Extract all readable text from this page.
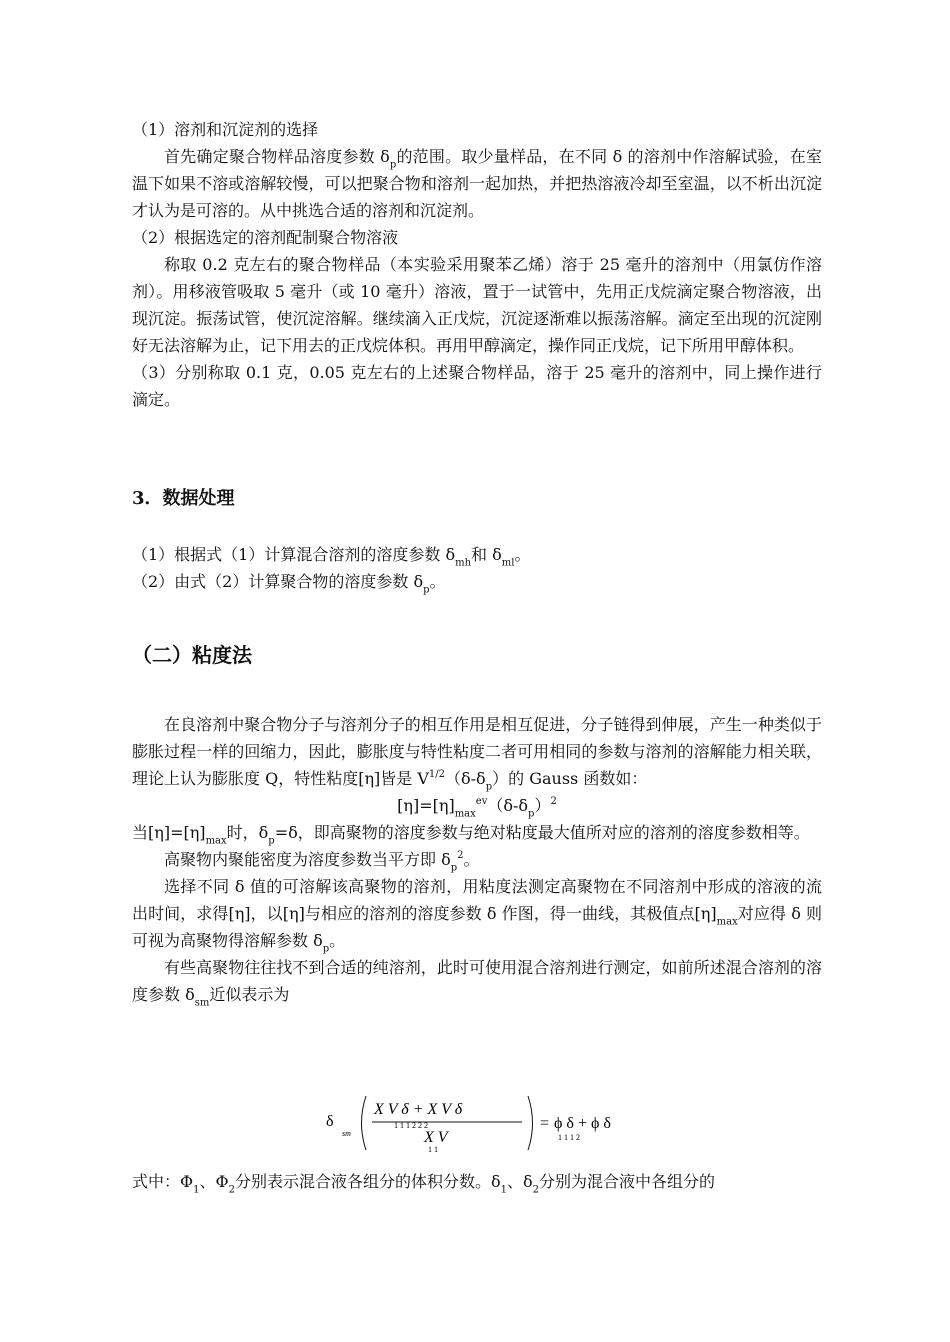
（1）溶剂和沉淀剂的选择

首先确定聚合物样品溶度参数 $\delta_p$的范围。取少量样品，在不同 δ 的溶剂中作溶解试验，在室温下如果不溶或溶解较慢，可以把聚合物和溶剂一起加热，并把热溶液冷却至室温，以不析出沉淀才认为是可溶的。从中挑选合适的溶剂和沉淀剂。

（2）根据选定的溶剂配制聚合物溶液

称取 0.2 克左右的聚合物样品（本实验采用聚苯乙烯）溶于 25 毫升的溶剂中（用氯仿作溶剂）。用移液管吸取 5 毫升（或 10 毫升）溶液，置于一试管中，先用正戊烷滴定聚合物溶液，出现沉淀。振荡试管，使沉淀溶解。继续滴入正戊烷，沉淀逐渐难以振荡溶解。滴定至出现的沉淀刚好无法溶解为止，记下用去的正戊烷体积。再用甲醇滴定，操作同正戊烷，记下所用甲醇体积。

（3）分别称取 0.1 克，0.05 克左右的上述聚合物样品，溶于 25 毫升的溶剂中，同上操作进行滴定。

3．数据处理

（1）根据式（1）计算混合溶剂的溶度参数 $\delta_{mh}$和 $\delta_{ml}$。

（2）由式（2）计算聚合物的溶度参数 $\delta_p$。

（二）粘度法

在良溶剂中聚合物分子与溶剂分子的相互作用是相互促进，分子链得到伸展，产生一种类似于膨胀过程一样的回缩力，因此，膨胀度与特性粘度二者可用相同的参数与溶剂的溶解能力相关联，理论上认为膨胀度 Q，特性粘度[η]皆是 $V^{1/2}(\delta-\delta_p)$的 Gauss 函数如：

$[\eta]=[\eta]_{max}^{ev}(\delta-\delta_p)^2$

当$[\eta]=[\eta]_{max}$时，$\delta_p=\delta$，即高聚物的溶度参数与绝对粘度最大值所对应的溶剂的溶度参数相等。

高聚物内聚能密度为溶度参数当平方即 $\delta_p^2$。

选择不同 δ 值的可溶解该高聚物的溶剂，用粘度法测定高聚物在不同溶剂中形成的溶液的流出时间，求得[η]，以[η]与相应的溶剂的溶度参数 δ 作图，得一曲线，其极值点$[\eta]_{max}$对应得 δ 则可视为高聚物得溶解参数 $\delta_p$。

有些高聚物往往找不到合适的纯溶剂，此时可使用混合溶剂进行测定，如前所述混合溶剂的溶度参数 $\delta_{sm}$近似表示为

δ
sm
X V δ + X V δ
1 1 1 2 2 2
X V
1 1
= ϕ δ + ϕ δ
1 1 1 2

式中：$\Phi_1$、$\Phi_2$分别表示混合液各组分的体积分数。$\delta_1$、$\delta_2$分别为混合液中各组分的
